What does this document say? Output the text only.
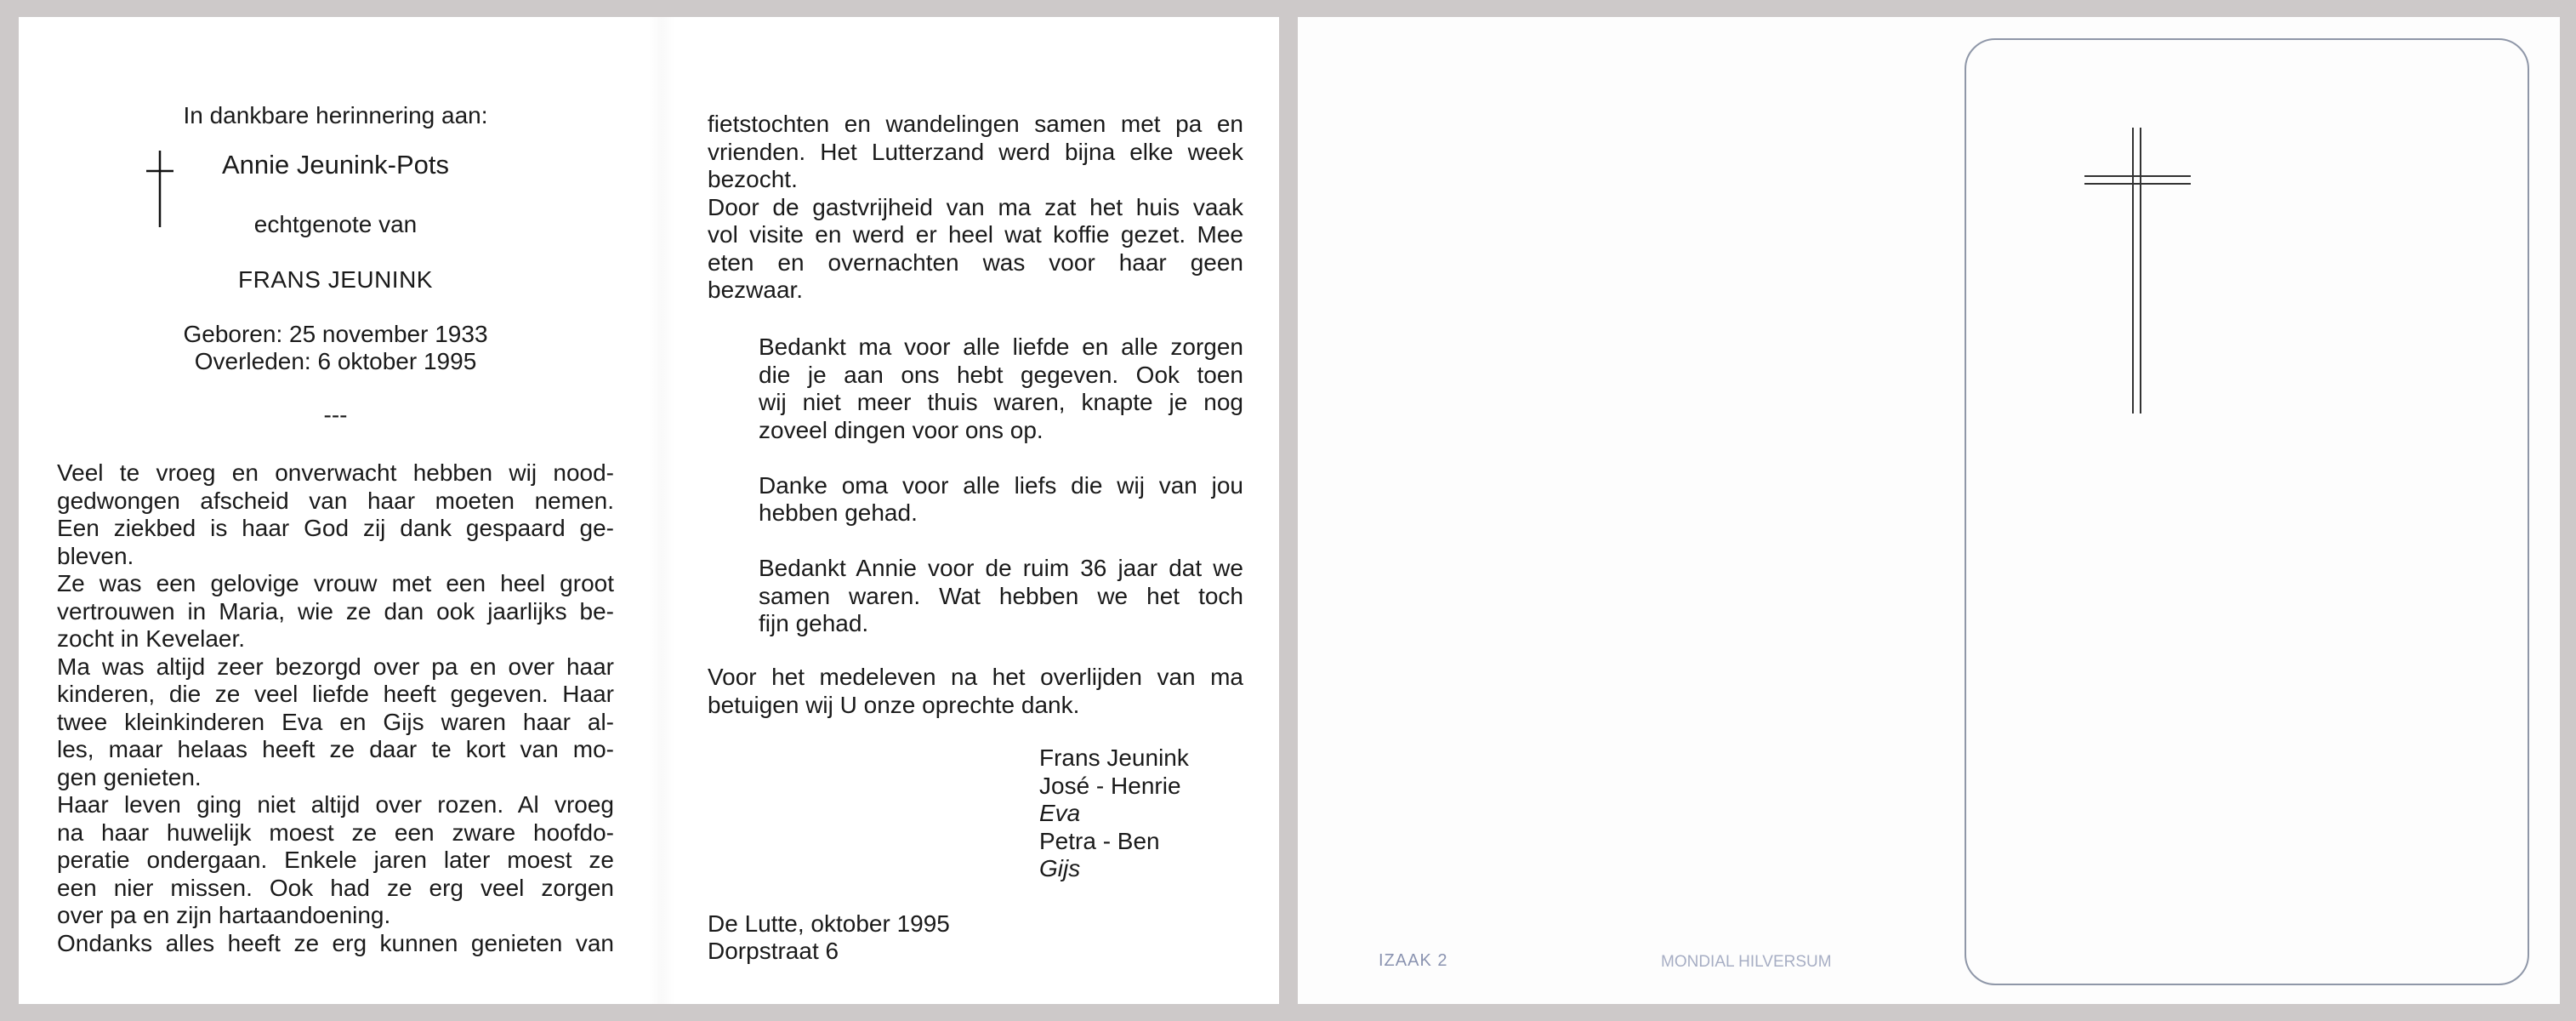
In dankbare herinnering aan:
Annie Jeunink-Pots
echtgenote van
FRANS JEUNINK
Geboren: 25 november 1933
Overleden: 6 oktober 1995
---
Veel te vroeg en onverwacht hebben wij nood-
gedwongen afscheid van haar moeten nemen.
Een ziekbed is haar God zij dank gespaard ge-
bleven.
Ze was een gelovige vrouw met een heel groot
vertrouwen in Maria, wie ze dan ook jaarlijks be-
zocht in Kevelaer.
Ma was altijd zeer bezorgd over pa en over haar
kinderen, die ze veel liefde heeft gegeven. Haar
twee kleinkinderen Eva en Gijs waren haar al-
les, maar helaas heeft ze daar te kort van mo-
gen genieten.
Haar leven ging niet altijd over rozen. Al vroeg
na haar huwelijk moest ze een zware hoofdo-
peratie ondergaan. Enkele jaren later moest ze
een nier missen. Ook had ze erg veel zorgen
over pa en zijn hartaandoening.
Ondanks alles heeft ze erg kunnen genieten van
fietstochten en wandelingen samen met pa en
vrienden. Het Lutterzand werd bijna elke week
bezocht.
Door de gastvrijheid van ma zat het huis vaak
vol visite en werd er heel wat koffie gezet. Mee
eten en overnachten was voor haar geen
bezwaar.
Bedankt ma voor alle liefde en alle zorgen
die je aan ons hebt gegeven. Ook toen
wij niet meer thuis waren, knapte je nog
zoveel dingen voor ons op.
Danke oma voor alle liefs die wij van jou
hebben gehad.
Bedankt Annie voor de ruim 36 jaar dat we
samen waren. Wat hebben we het toch
fijn gehad.
Voor het medeleven na het overlijden van ma
betuigen wij U onze oprechte dank.
Frans Jeunink
José - Henrie
Eva
Petra - Ben
Gijs
De Lutte, oktober 1995
Dorpstraat 6	IZAAK 2	MONDIAL HILVERSUM
